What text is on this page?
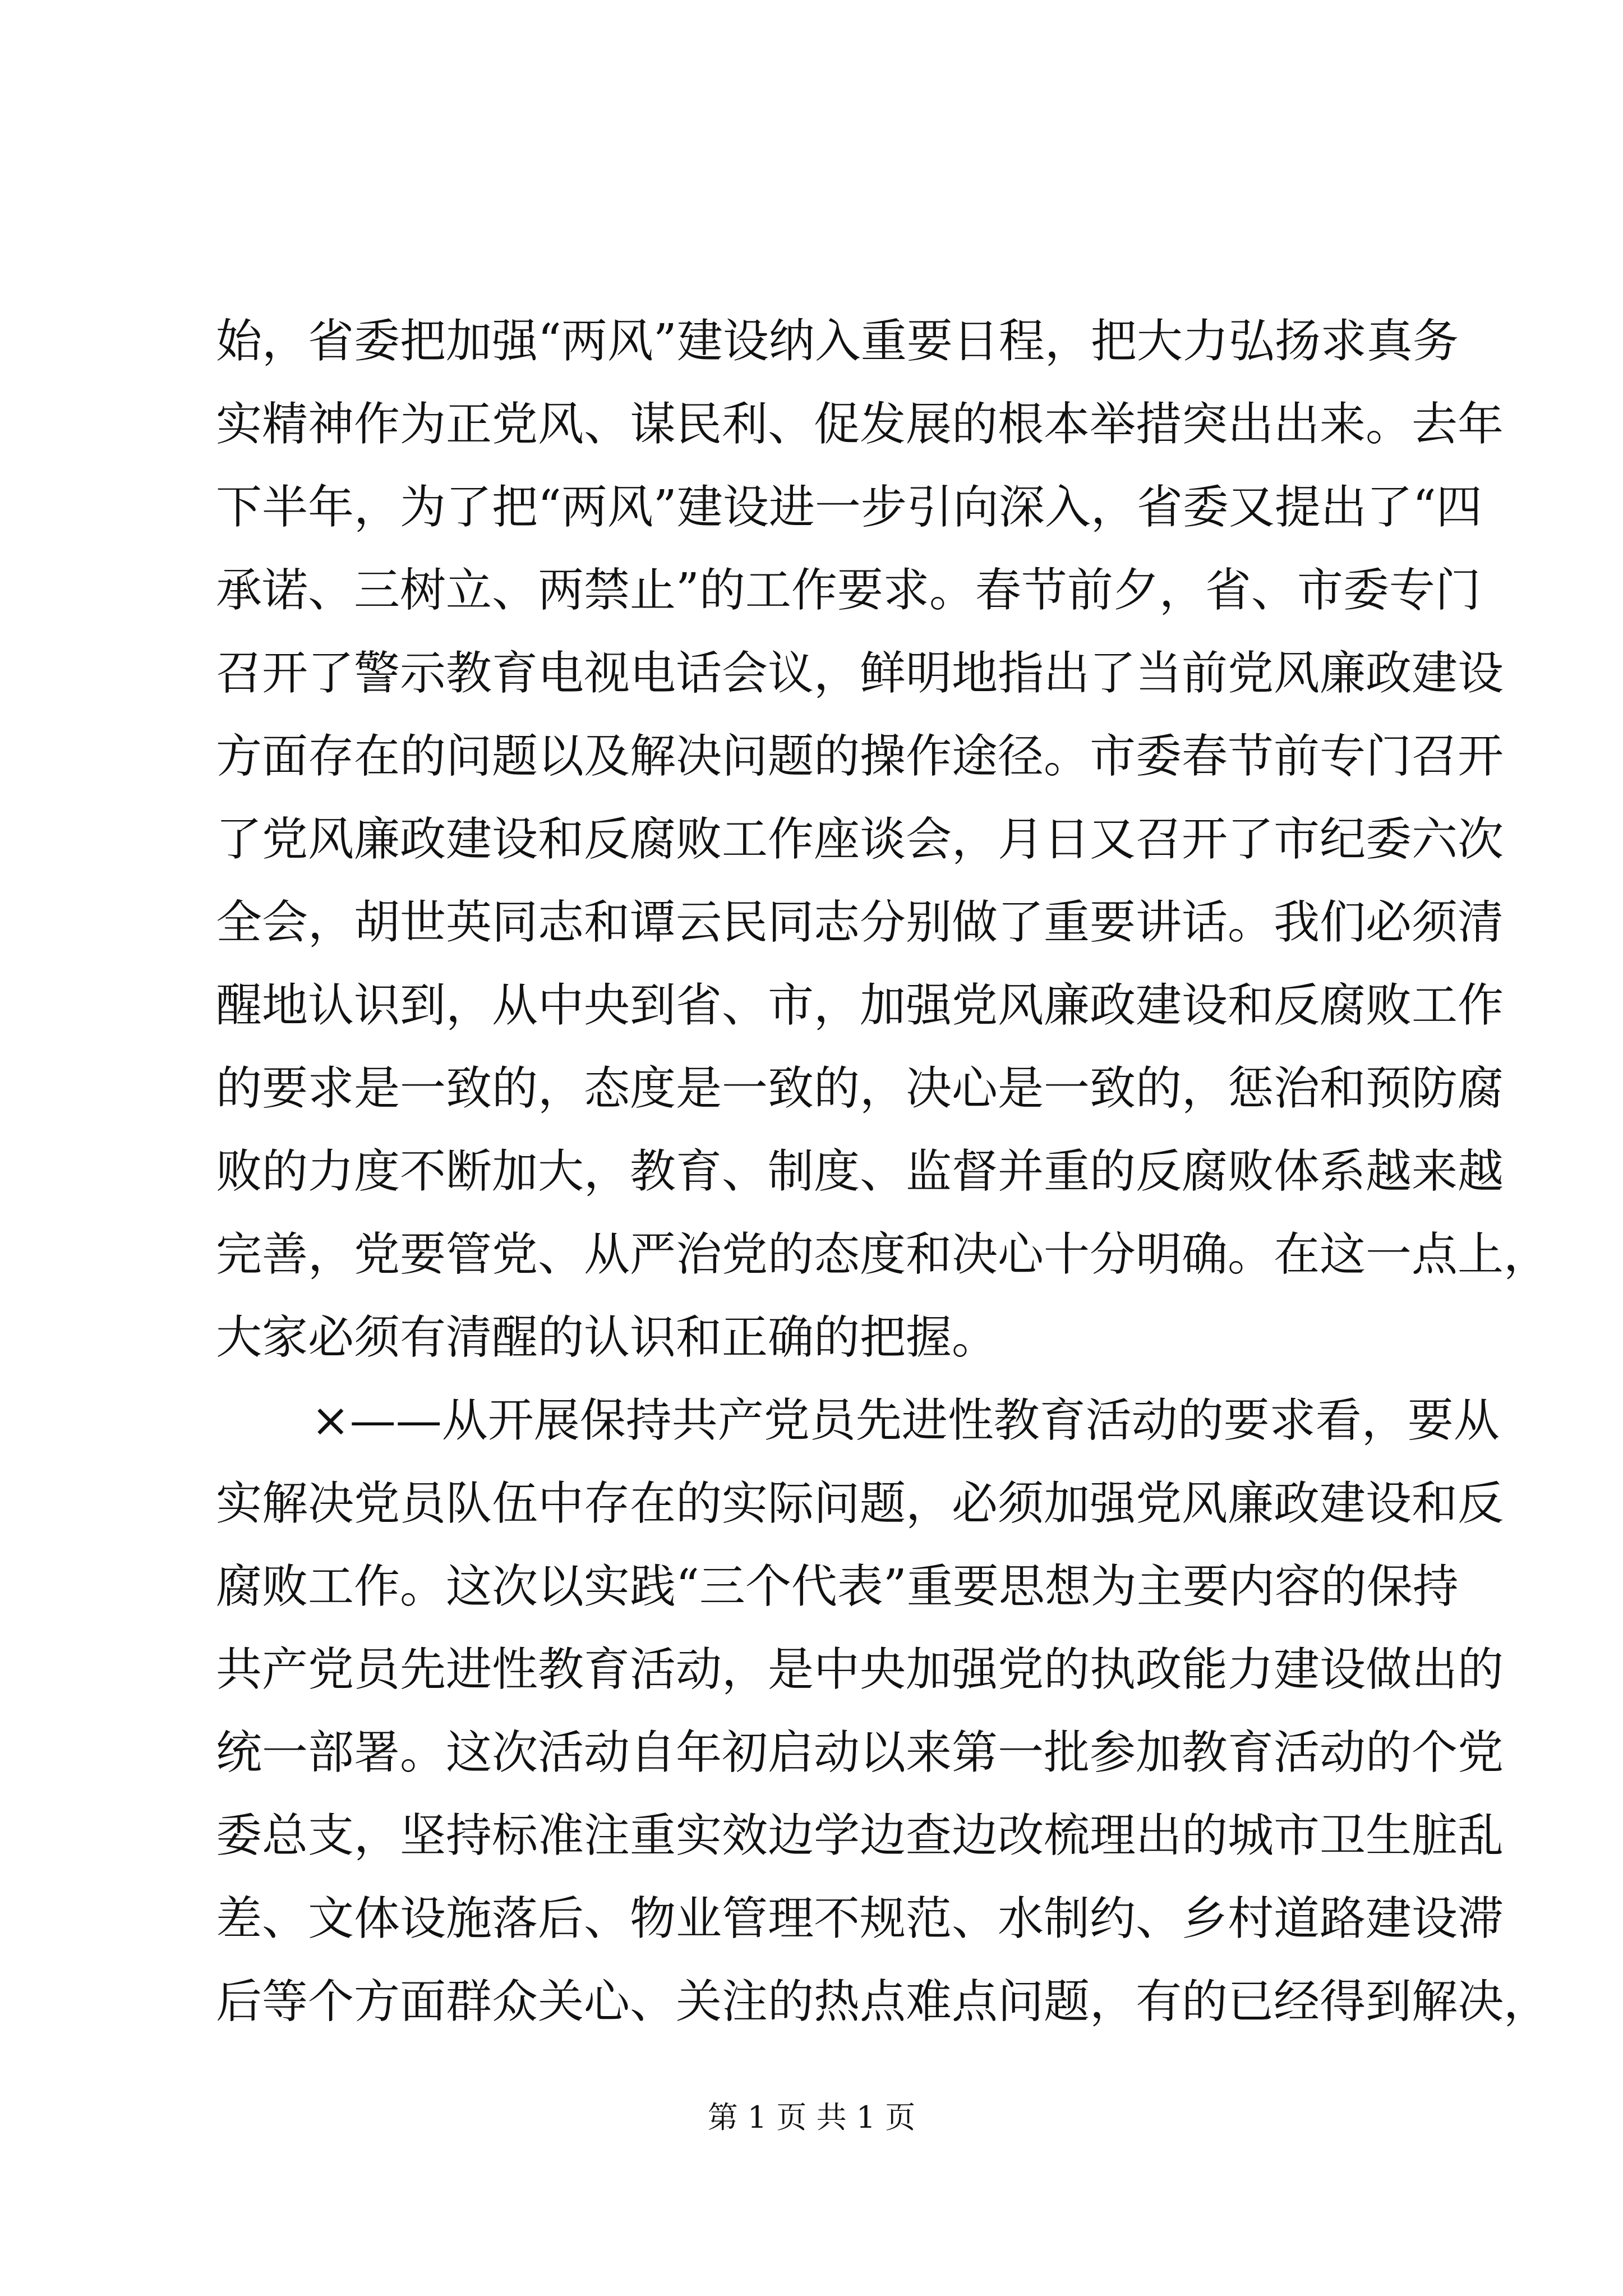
始，省委把加强“两风”建设纳入重要日程，把大力弘扬求真务
实精神作为正党风、谋民利、促发展的根本举措突出出来。去年
下半年，为了把“两风”建设进一步引向深入，省委又提出了“四
承诺、三树立、两禁止”的工作要求。春节前夕，省、市委专门
召开了警示教育电视电话会议，鲜明地指出了当前党风廉政建设
方面存在的问题以及解决问题的操作途径。市委春节前专门召开
了党风廉政建设和反腐败工作座谈会，月日又召开了市纪委六次
全会，胡世英同志和谭云民同志分别做了重要讲话。我们必须清
醒地认识到，从中央到省、市，加强党风廉政建设和反腐败工作
的要求是一致的，态度是一致的，决心是一致的，惩治和预防腐
败的力度不断加大，教育、制度、监督并重的反腐败体系越来越
完善，党要管党、从严治党的态度和决心十分明确。在这一点上，
大家必须有清醒的认识和正确的把握。
×——从开展保持共产党员先进性教育活动的要求看，要从
实解决党员队伍中存在的实际问题，必须加强党风廉政建设和反
腐败工作。这次以实践“三个代表”重要思想为主要内容的保持
共产党员先进性教育活动，是中央加强党的执政能力建设做出的
统一部署。这次活动自年初启动以来第一批参加教育活动的个党
委总支，坚持标准注重实效边学边查边改梳理出的城市卫生脏乱
差、文体设施落后、物业管理不规范、水制约、乡村道路建设滞
后等个方面群众关心、关注的热点难点问题，有的已经得到解决，
第 1 页 共 1 页
